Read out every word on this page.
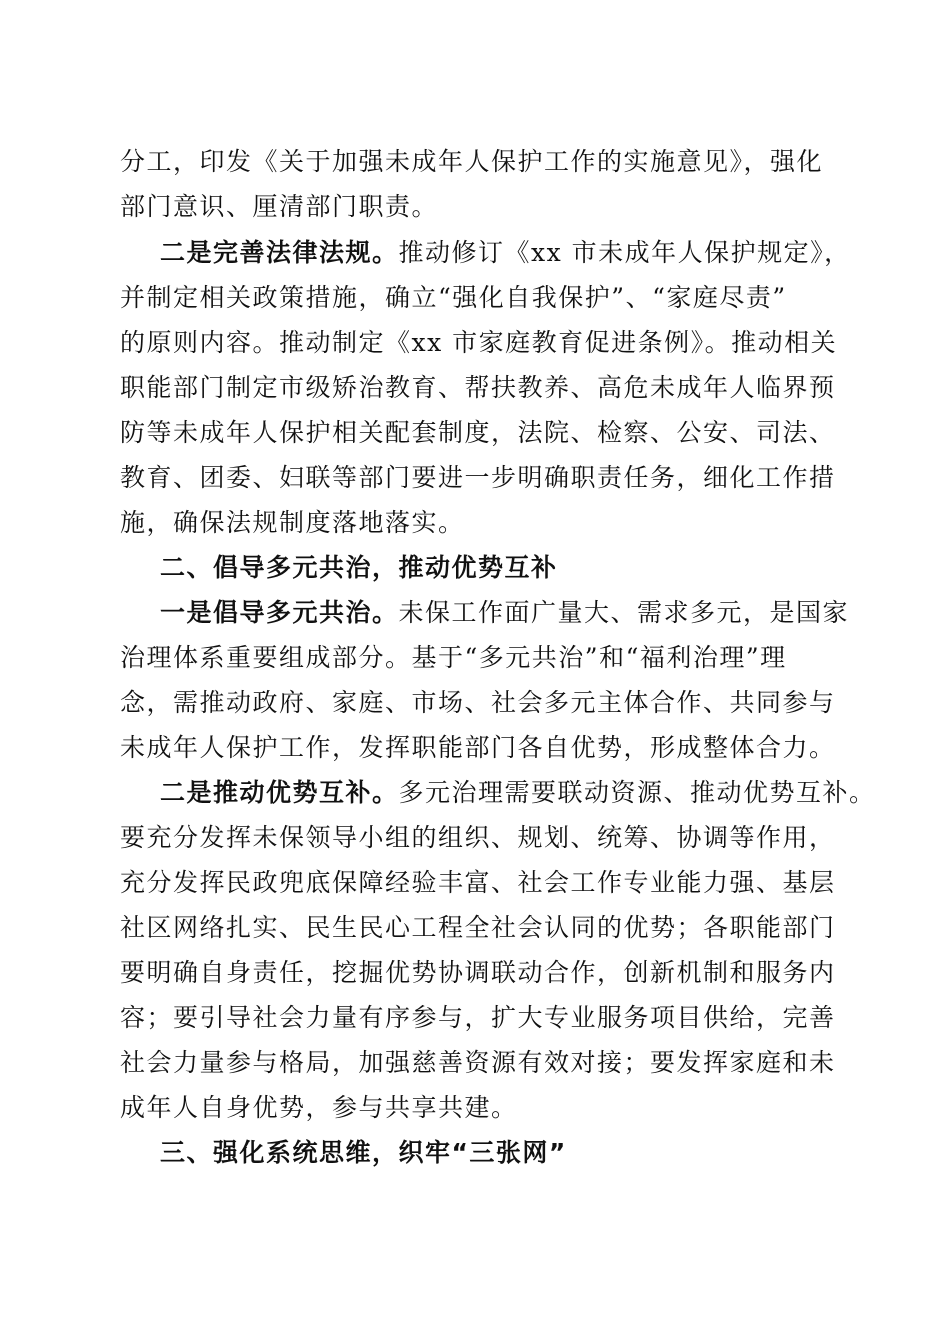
分工，印发《关于加强未成年人保护工作的实施意见》，强化
部门意识、厘清部门职责。
二是完善法律法规。推动修订《xx 市未成年人保护规定》，
并制定相关政策措施，确立“强化自我保护”、“家庭尽责”
的原则内容。推动制定《xx 市家庭教育促进条例》。推动相关
职能部门制定市级矫治教育、帮扶教养、高危未成年人临界预
防等未成年人保护相关配套制度，法院、检察、公安、司法、
教育、团委、妇联等部门要进一步明确职责任务，细化工作措
施，确保法规制度落地落实。
二、倡导多元共治，推动优势互补
一是倡导多元共治。未保工作面广量大、需求多元，是国家
治理体系重要组成部分。基于“多元共治”和“福利治理”理
念，需推动政府、家庭、市场、社会多元主体合作、共同参与
未成年人保护工作，发挥职能部门各自优势，形成整体合力。
二是推动优势互补。多元治理需要联动资源、推动优势互补。
要充分发挥未保领导小组的组织、规划、统筹、协调等作用，
充分发挥民政兜底保障经验丰富、社会工作专业能力强、基层
社区网络扎实、民生民心工程全社会认同的优势；各职能部门
要明确自身责任，挖掘优势协调联动合作，创新机制和服务内
容；要引导社会力量有序参与，扩大专业服务项目供给，完善
社会力量参与格局，加强慈善资源有效对接；要发挥家庭和未
成年人自身优势，参与共享共建。
三、强化系统思维，织牢“三张网”
